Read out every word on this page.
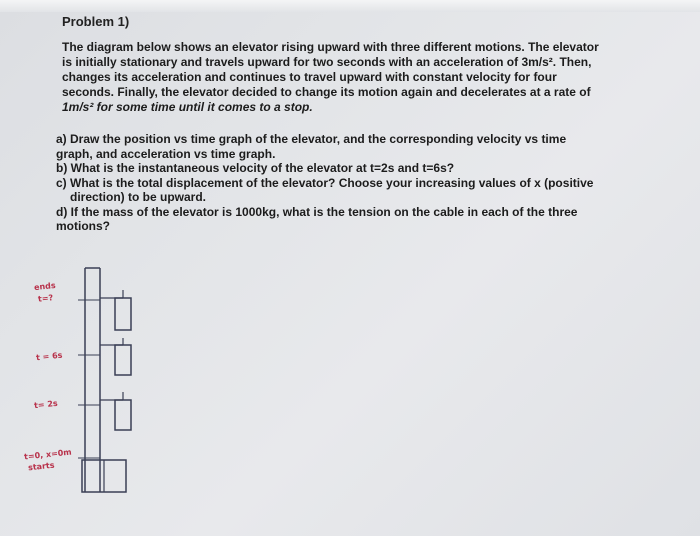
Problem 1)
The diagram below shows an elevator rising upward with three different motions. The elevator
is initially stationary and travels upward for two seconds with an acceleration of 3m/s². Then,
changes its acceleration and continues to travel upward with constant velocity for four
seconds. Finally, the elevator decided to change its motion again and decelerates at a rate of
1m/s² for some time until it comes to a stop.
a) Draw the position vs time graph of the elevator, and the corresponding velocity vs time
graph, and acceleration vs time graph.
b) What is the instantaneous velocity of the elevator at t=2s and t=6s?
c) What is the total displacement of the elevator? Choose your increasing values of x (positive
direction) to be upward.
d) If the mass of the elevator is 1000kg, what is the tension on the cable in each of the three
motions?
ends
t=?
t = 6s
t= 2s
t=0, x=0m
starts
